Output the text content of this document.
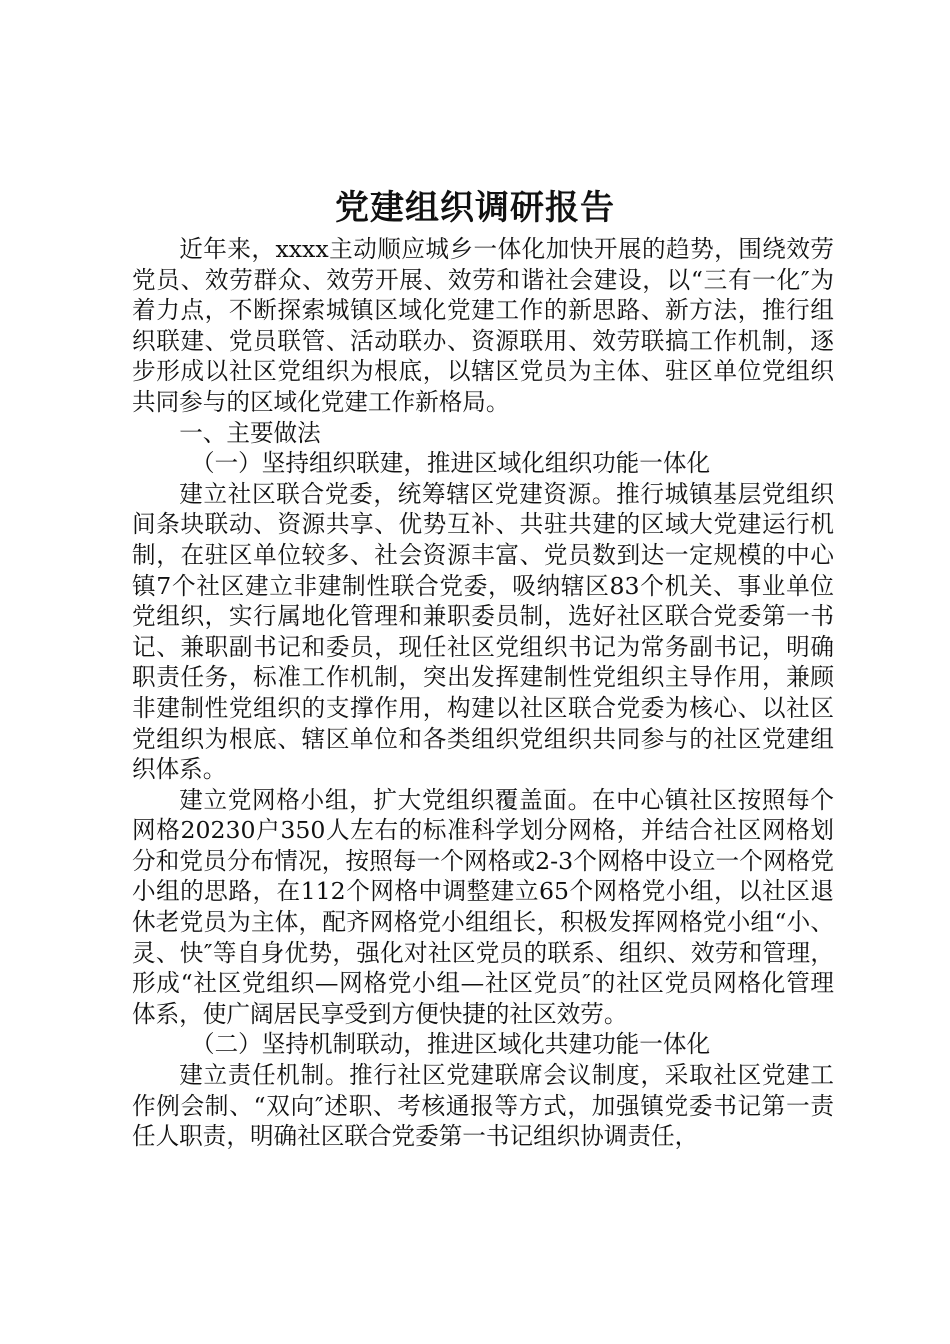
党建组织调研报告

近年来，xxxx主动顺应城乡一体化加快开展的趋势，围绕效劳党员、效劳群众、效劳开展、效劳和谐社会建设，以“三有一化″为着力点，不断探索城镇区域化党建工作的新思路、新方法，推行组织联建、党员联管、活动联办、资源联用、效劳联搞工作机制，逐步形成以社区党组织为根底，以辖区党员为主体、驻区单位党组织共同参与的区域化党建工作新格局。

一、主要做法

（一）坚持组织联建，推进区域化组织功能一体化

建立社区联合党委，统筹辖区党建资源。推行城镇基层党组织间条块联动、资源共享、优势互补、共驻共建的区域大党建运行机制，在驻区单位较多、社会资源丰富、党员数到达一定规模的中心镇7个社区建立非建制性联合党委，吸纳辖区83个机关、事业单位党组织，实行属地化管理和兼职委员制，选好社区联合党委第一书记、兼职副书记和委员，现任社区党组织书记为常务副书记，明确职责任务，标准工作机制，突出发挥建制性党组织主导作用，兼顾非建制性党组织的支撑作用，构建以社区联合党委为核心、以社区党组织为根底、辖区单位和各类组织党组织共同参与的社区党建组织体系。

建立党网格小组，扩大党组织覆盖面。在中心镇社区按照每个网格20230户350人左右的标准科学划分网格，并结合社区网格划分和党员分布情况，按照每一个网格或2-3个网格中设立一个网格党小组的思路，在112个网格中调整建立65个网格党小组，以社区退休老党员为主体，配齐网格党小组组长，积极发挥网格党小组“小、灵、快″等自身优势，强化对社区党员的联系、组织、效劳和管理，形成“社区党组织—网格党小组—社区党员″的社区党员网格化管理体系，使广阔居民享受到方便快捷的社区效劳。

（二）坚持机制联动，推进区域化共建功能一体化

建立责任机制。推行社区党建联席会议制度，采取社区党建工作例会制、“双向″述职、考核通报等方式，加强镇党委书记第一责任人职责，明确社区联合党委第一书记组织协调责任，
